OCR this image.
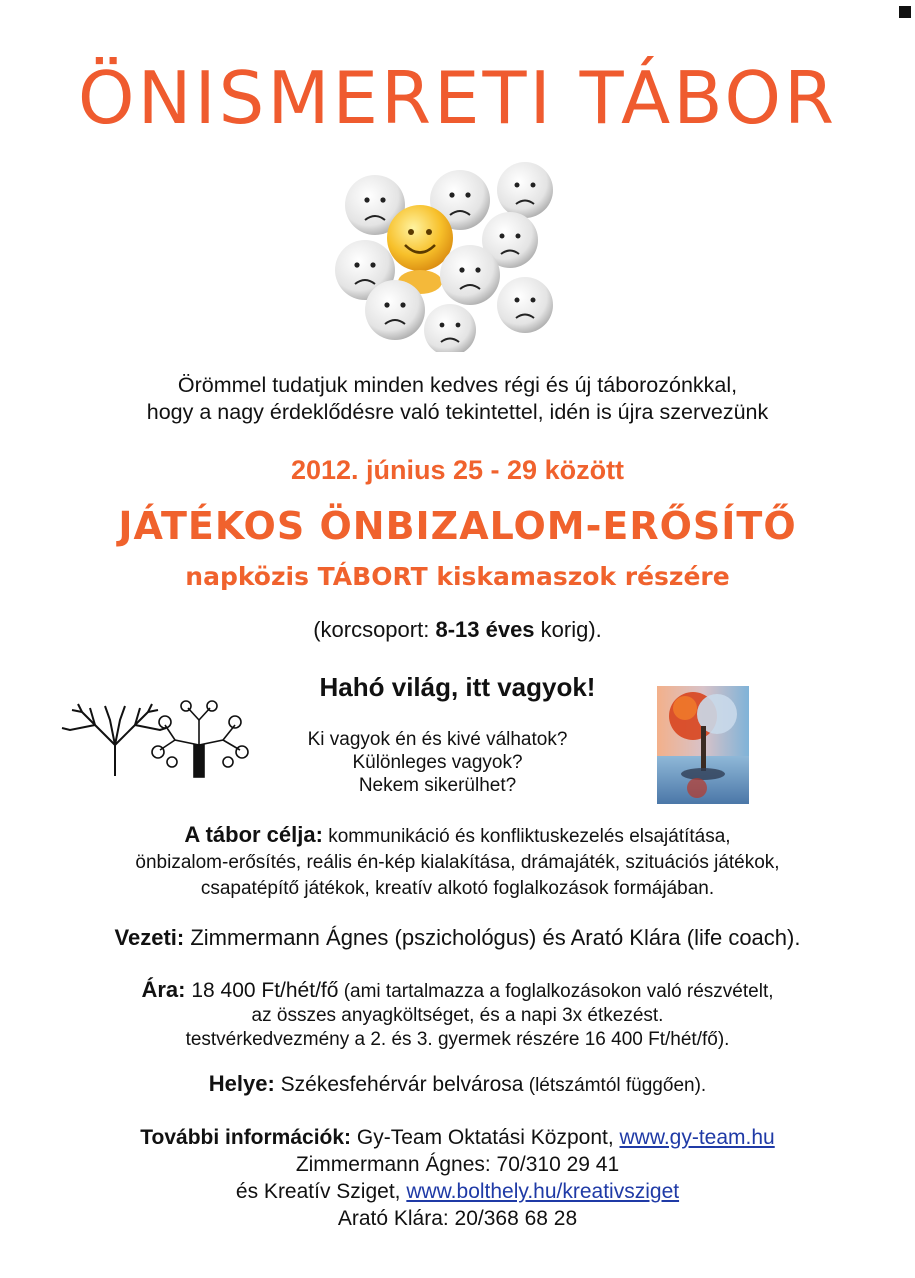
ÖNISMERETI TÁBOR
Örömmel tudatjuk minden kedves régi és új táborozónkkal,
hogy a nagy érdeklődésre való tekintettel, idén is újra szervezünk
2012. június 25 - 29 között
JÁTÉKOS ÖNBIZALOM-ERŐSÍTŐ
napközis TÁBORT kiskamaszok részére
(korcsoport: 8-13 éves korig).
Hahó világ, itt vagyok!
Ki vagyok én és kivé válhatok?
Különleges vagyok?
Nekem sikerülhet?
A tábor célja: kommunikáció és konfliktuskezelés elsajátítása,
önbizalom-erősítés, reális én-kép kialakítása, drámajáték, szituációs játékok,
csapatépítő játékok, kreatív alkotó foglalkozások formájában.
Vezeti: Zimmermann Ágnes (pszichológus) és Arató Klára (life coach).
Ára: 18 400 Ft/hét/fő (ami tartalmazza a foglalkozásokon való részvételt,
az összes anyagköltséget, és a napi 3x étkezést.
testvérkedvezmény a 2. és 3. gyermek részére 16 400 Ft/hét/fő).
Helye: Székesfehérvár belvárosa (létszámtól függően).
További információk: Gy-Team Oktatási Központ, www.gy-team.hu
Zimmermann Ágnes: 70/310 29 41
és Kreatív Sziget, www.bolthely.hu/kreativsziget
Arató Klára: 20/368 68 28
